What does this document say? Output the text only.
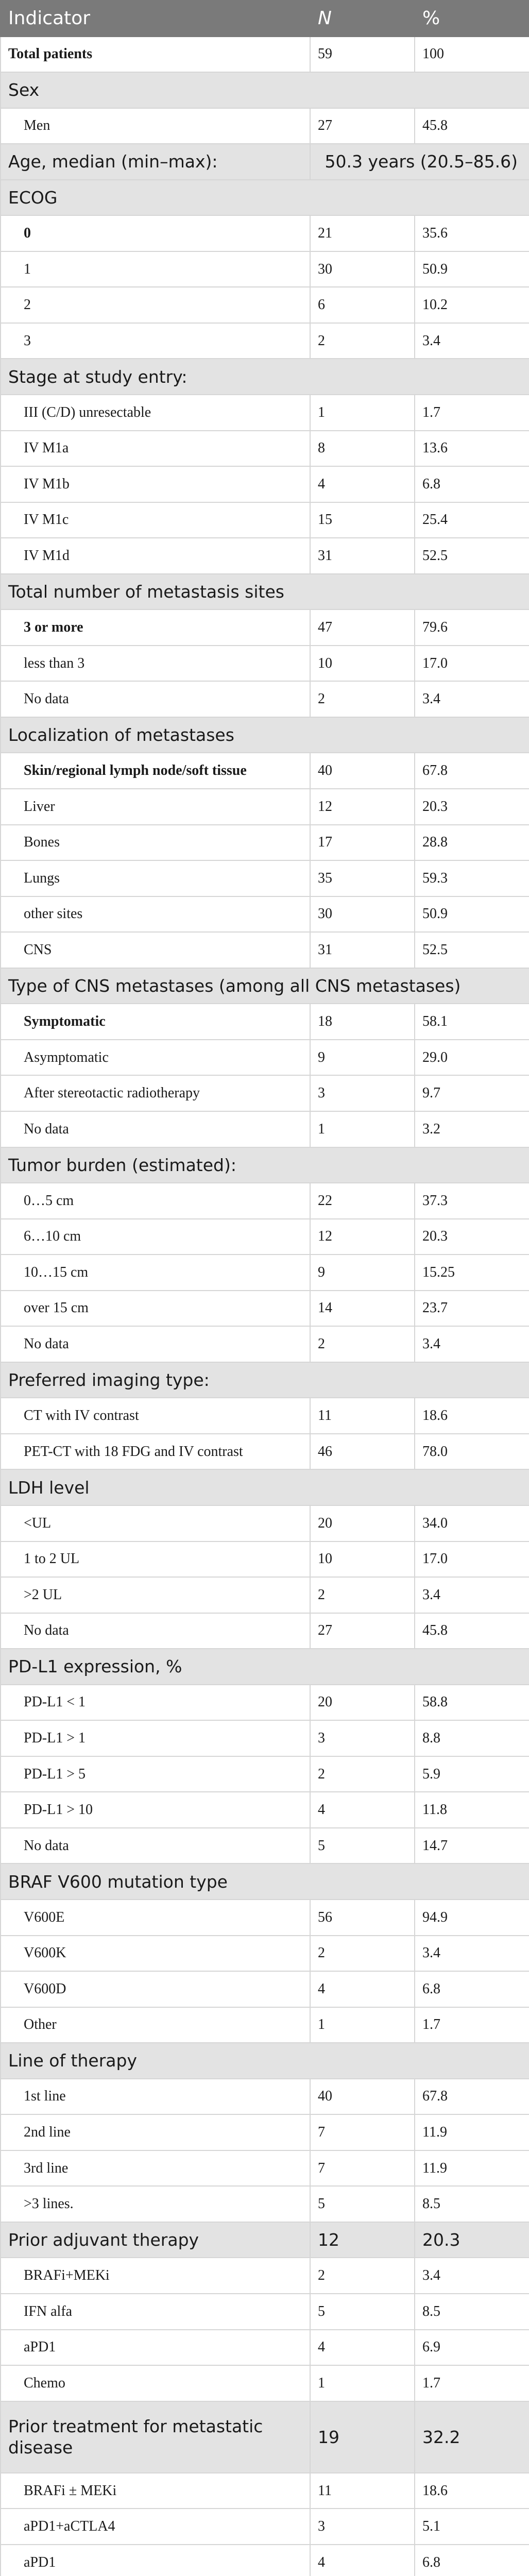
Indicator	N	%
Total patients	59	100
Sex		
Men	27	45.8
Age, median (min–max):	50.3 years (20.5–85.6)	
ECOG		
0	21	35.6
1	30	50.9
2	6	10.2
3	2	3.4
Stage at study entry:		
III (C/D) unresectable	1	1.7
IV M1a	8	13.6
IV M1b	4	6.8
IV M1c	15	25.4
IV M1d	31	52.5
Total number of metastasis sites		
3 or more	47	79.6
less than 3	10	17.0
No data	2	3.4
Localization of metastases		
Skin/regional lymph node/soft tissue	40	67.8
Liver	12	20.3
Bones	17	28.8
Lungs	35	59.3
other sites	30	50.9
CNS	31	52.5
Type of CNS metastases (among all CNS metastases)		
Symptomatic	18	58.1
Asymptomatic	9	29.0
After stereotactic radiotherapy	3	9.7
No data	1	3.2
Tumor burden (estimated):		
0…5 cm	22	37.3
6…10 cm	12	20.3
10…15 cm	9	15.25
over 15 cm	14	23.7
No data	2	3.4
Preferred imaging type:		
CT with IV contrast	11	18.6
PET-CT with 18 FDG and IV contrast	46	78.0
LDH level		
<UL	20	34.0
1 to 2 UL	10	17.0
>2 UL	2	3.4
No data	27	45.8
PD-L1 expression, %		
PD-L1 < 1	20	58.8
PD-L1 > 1	3	8.8
PD-L1 > 5	2	5.9
PD-L1 > 10	4	11.8
No data	5	14.7
BRAF V600 mutation type		
V600E	56	94.9
V600K	2	3.4
V600D	4	6.8
Other	1	1.7
Line of therapy		
1st line	40	67.8
2nd line	7	11.9
3rd line	7	11.9
>3 lines.	5	8.5
Prior adjuvant therapy	12	20.3
BRAFi+MEKi	2	3.4
IFN alfa	5	8.5
aPD1	4	6.9
Chemo	1	1.7
Prior treatment for metastatic disease	19	32.2
BRAFi ± MEKi	11	18.6
aPD1+aCTLA4	3	5.1
aPD1	4	6.8
